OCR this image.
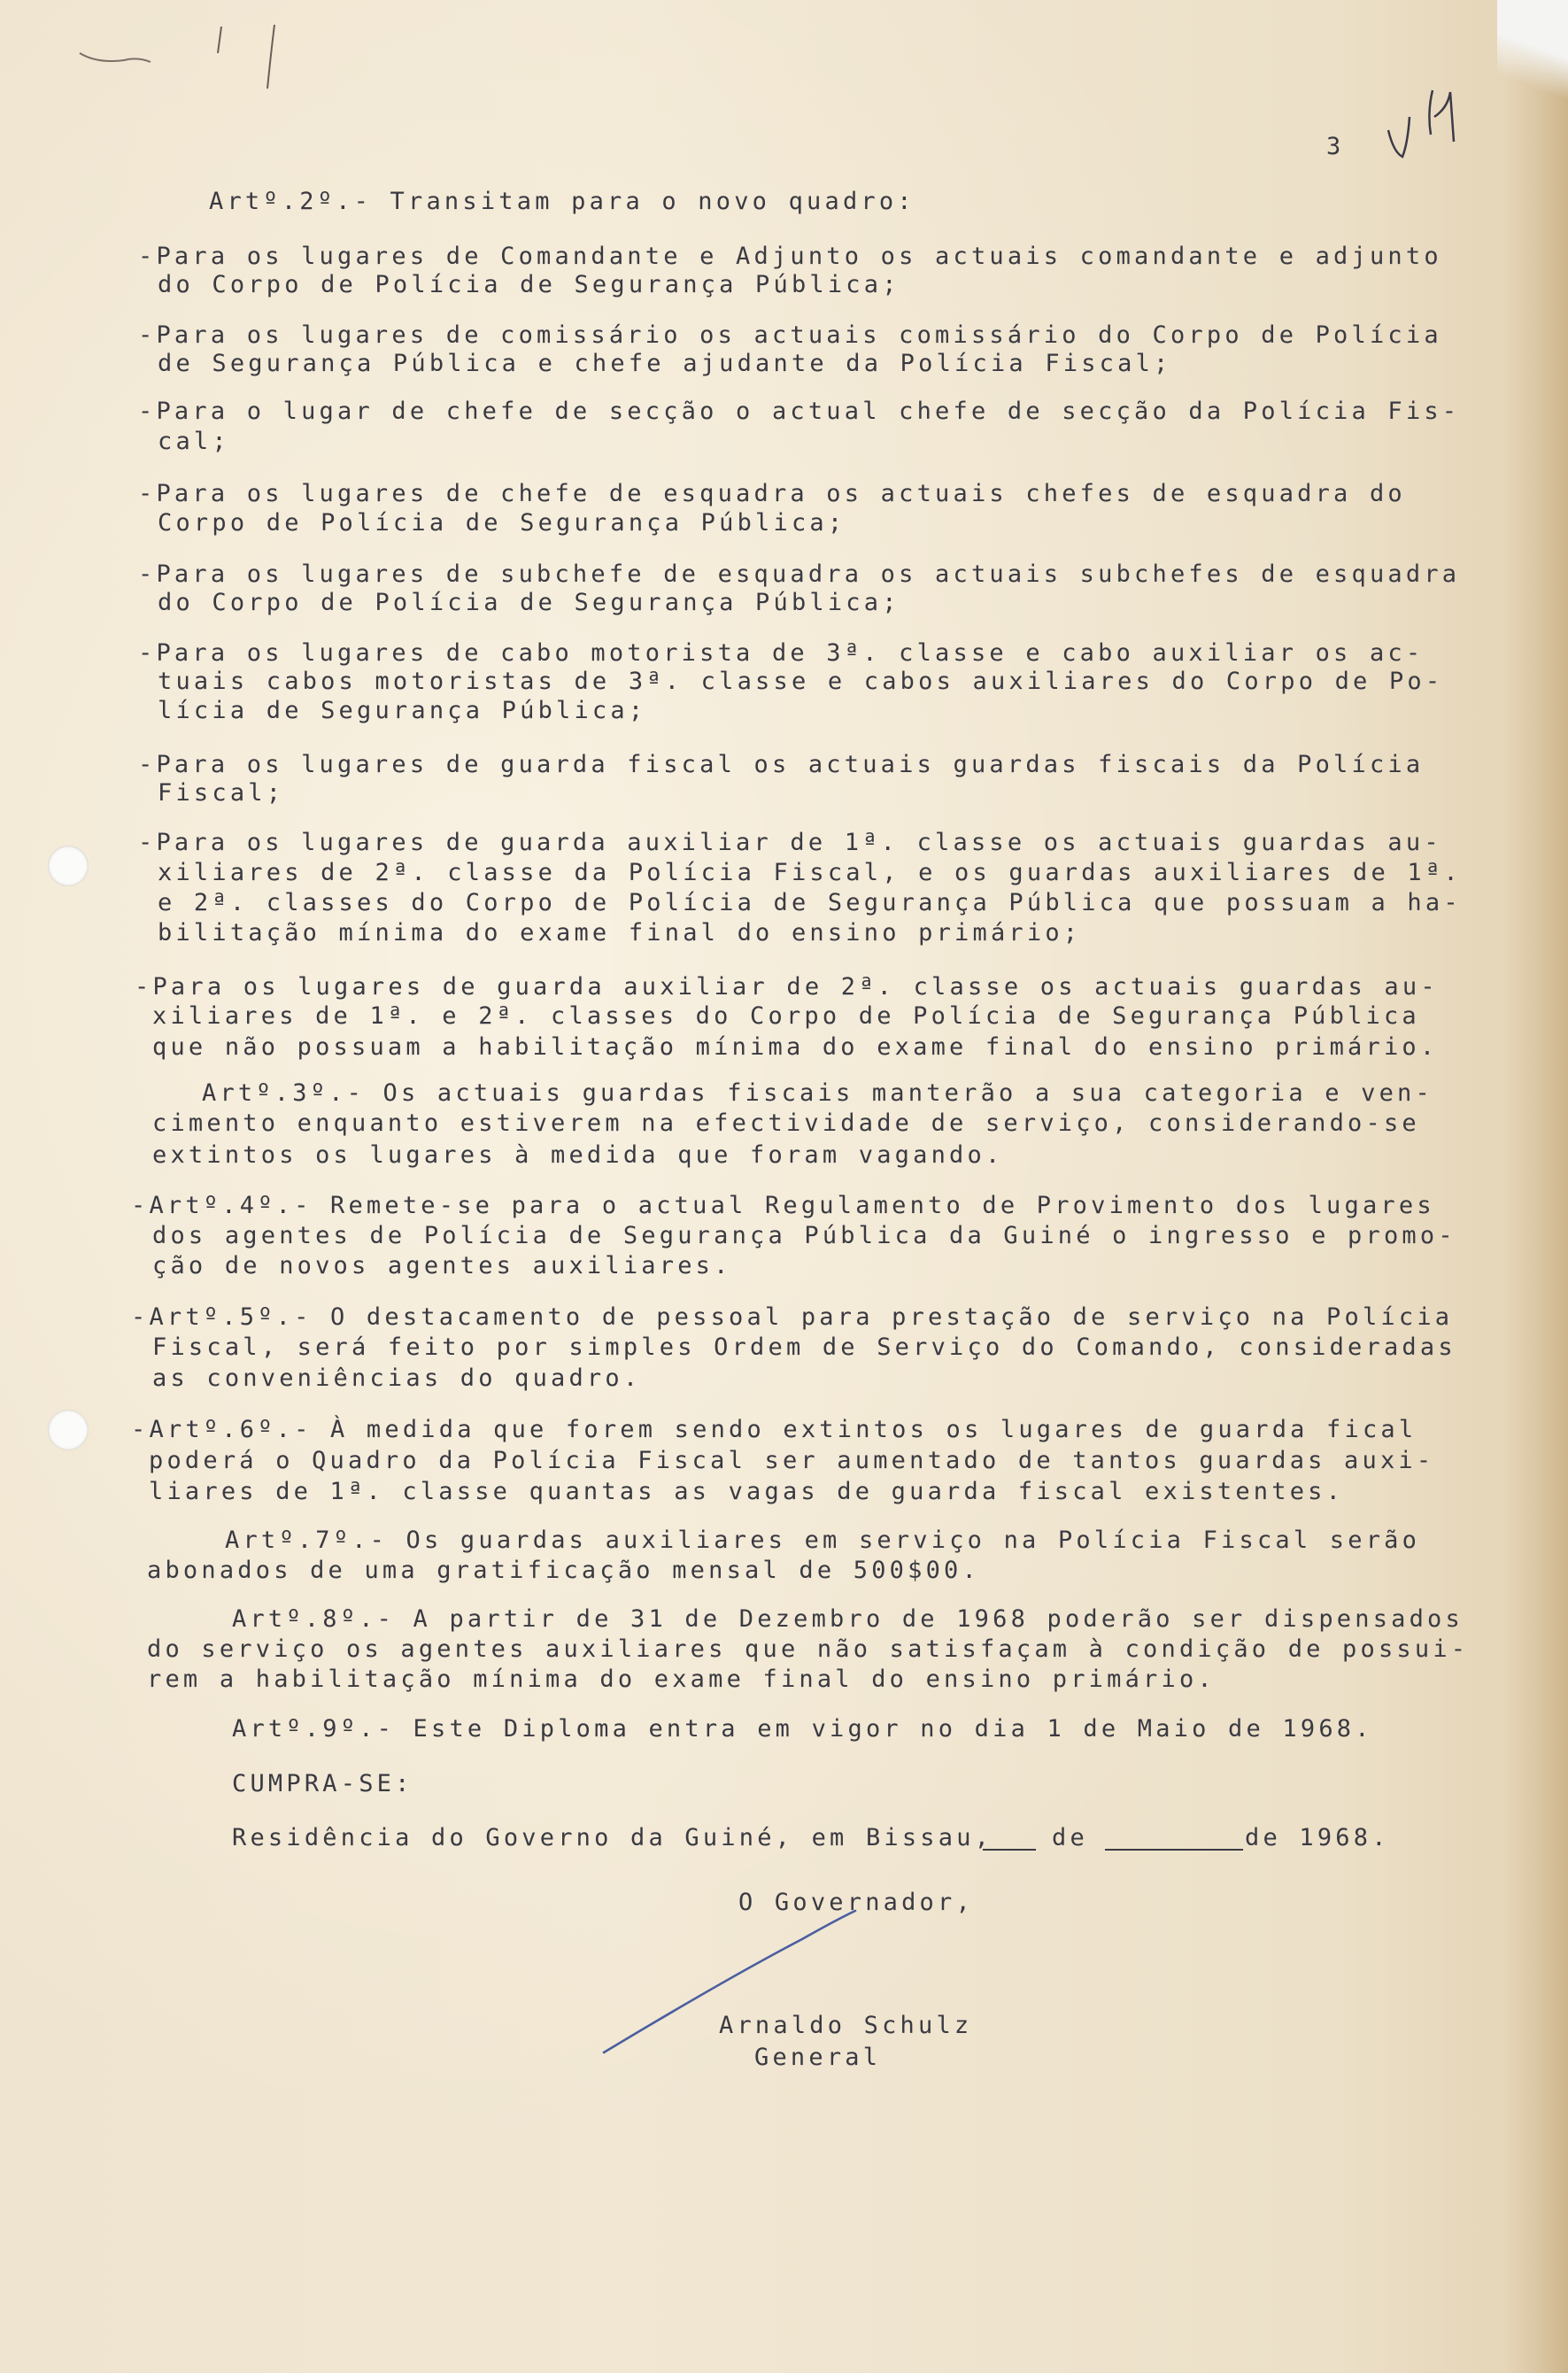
3
Artº.2º.- Transitam para o novo quadro:
-Para os lugares de Comandante e Adjunto os actuais comandante e adjunto
do Corpo de Polícia de Segurança Pública;
-Para os lugares de comissário os actuais comissário do Corpo de Polícia
de Segurança Pública e chefe ajudante da Polícia Fiscal;
-Para o lugar de chefe de secção o actual chefe de secção da Polícia Fis-
cal;
-Para os lugares de chefe de esquadra os actuais chefes de esquadra do
Corpo de Polícia de Segurança Pública;
-Para os lugares de subchefe de esquadra os actuais subchefes de esquadra
do Corpo de Polícia de Segurança Pública;
-Para os lugares de cabo motorista de 3ª. classe e cabo auxiliar os ac-
tuais cabos motoristas de 3ª. classe e cabos auxiliares do Corpo de Po-
lícia de Segurança Pública;
-Para os lugares de guarda fiscal os actuais guardas fiscais da Polícia
Fiscal;
-Para os lugares de guarda auxiliar de 1ª. classe os actuais guardas au-
xiliares de 2ª. classe da Polícia Fiscal, e os guardas auxiliares de 1ª.
e 2ª. classes do Corpo de Polícia de Segurança Pública que possuam a ha-
bilitação mínima do exame final do ensino primário;
-Para os lugares de guarda auxiliar de 2ª. classe os actuais guardas au-
xiliares de 1ª. e 2ª. classes do Corpo de Polícia de Segurança Pública
que não possuam a habilitação mínima do exame final do ensino primário.
Artº.3º.- Os actuais guardas fiscais manterão a sua categoria e ven-
cimento enquanto estiverem na efectividade de serviço, considerando-se
extintos os lugares à medida que foram vagando.
-Artº.4º.- Remete-se para o actual Regulamento de Provimento dos lugares
dos agentes de Polícia de Segurança Pública da Guiné o ingresso e promo-
ção de novos agentes auxiliares.
-Artº.5º.- O destacamento de pessoal para prestação de serviço na Polícia
Fiscal, será feito por simples Ordem de Serviço do Comando, consideradas
as conveniências do quadro.
-Artº.6º.- À medida que forem sendo extintos os lugares de guarda fical
poderá o Quadro da Polícia Fiscal ser aumentado de tantos guardas auxi-
liares de 1ª. classe quantas as vagas de guarda fiscal existentes.
Artº.7º.- Os guardas auxiliares em serviço na Polícia Fiscal serão
abonados de uma gratificação mensal de 500$00.
Artº.8º.- A partir de 31 de Dezembro de 1968 poderão ser dispensados
do serviço os agentes auxiliares que não satisfaçam à condição de possui-
rem a habilitação mínima do exame final do ensino primário.
Artº.9º.- Este Diploma entra em vigor no dia 1 de Maio de 1968.
CUMPRA-SE:
Residência do Governo da Guiné, em Bissau, de	de 1968.
O Governador,
Arnaldo Schulz
General
